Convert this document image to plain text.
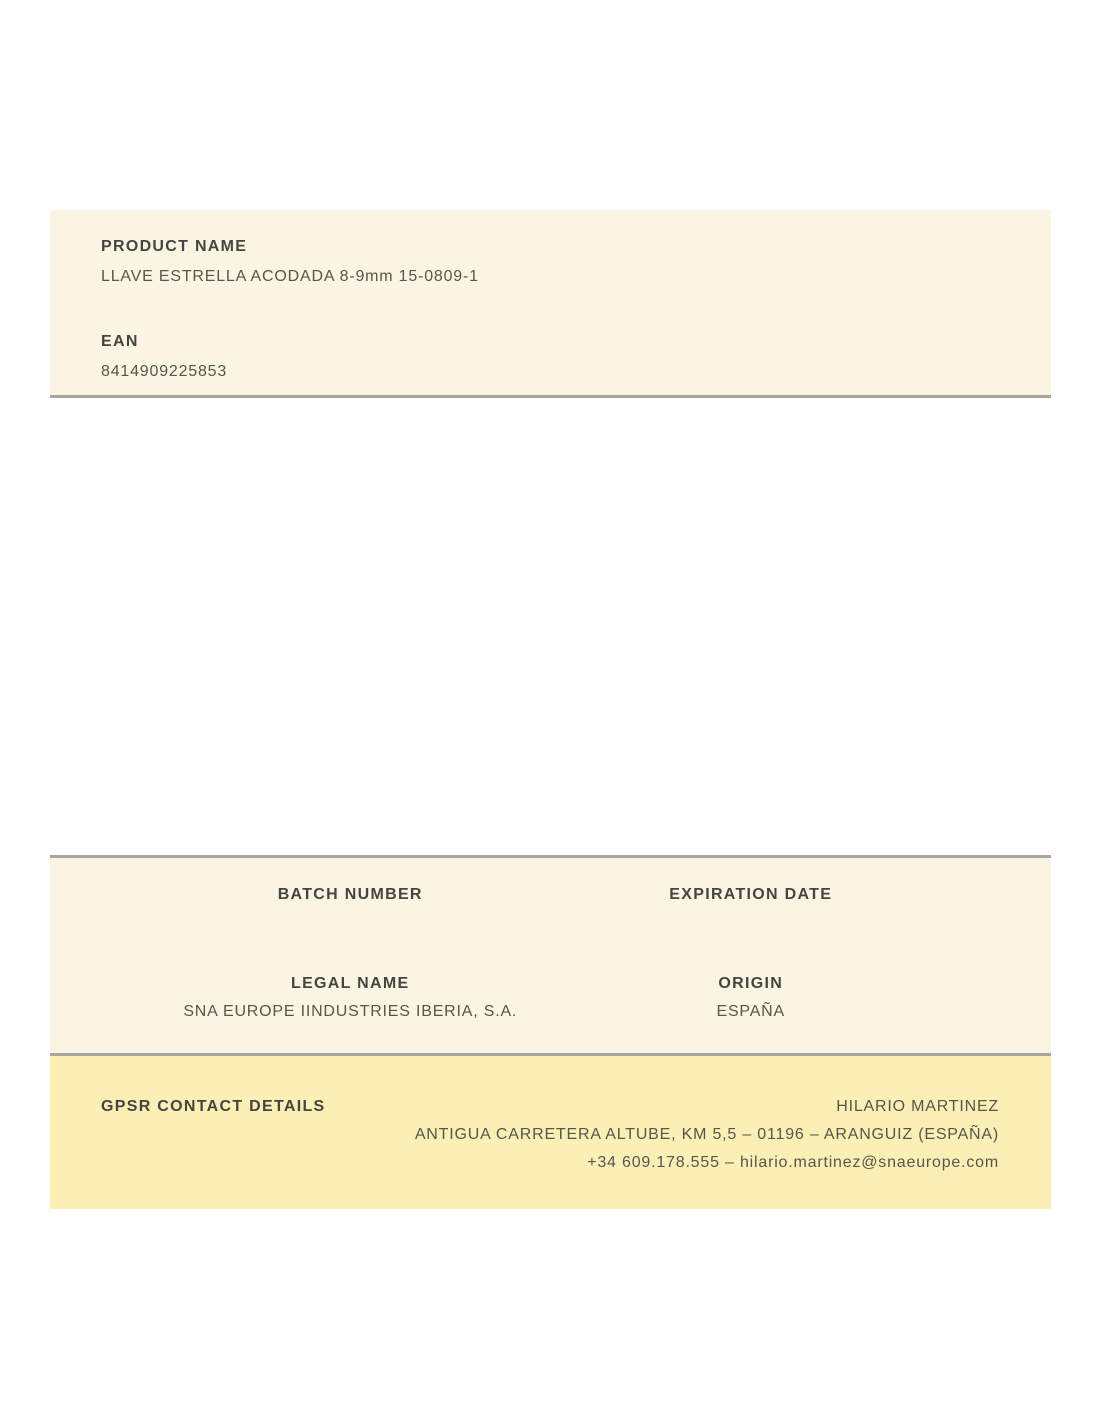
PRODUCT NAME
LLAVE ESTRELLA ACODADA 8-9mm 15-0809-1
EAN
8414909225853
BATCH NUMBER
LEGAL NAME
SNA EUROPE IINDUSTRIES IBERIA, S.A.
EXPIRATION DATE
ORIGIN
ESPAÑA
GPSR CONTACT DETAILS	HILARIO MARTINEZ
ANTIGUA CARRETERA ALTUBE, KM 5,5 – 01196 – ARANGUIZ (ESPAÑA)
+34 609.178.555 – hilario.martinez@snaeurope.com
